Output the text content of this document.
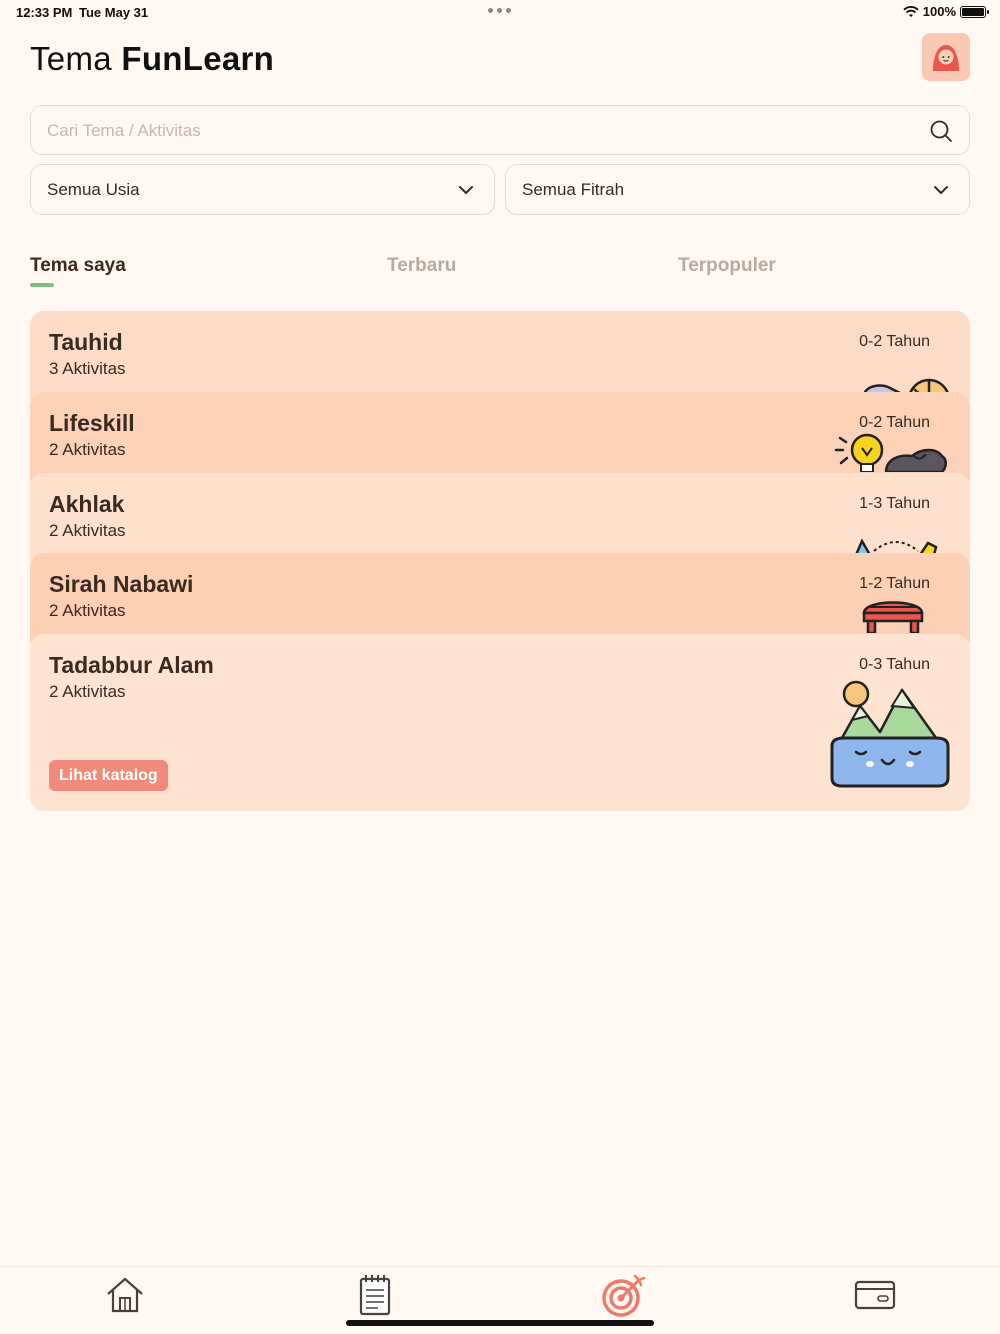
12:33 PM Tue May 31	100%
Tema FunLearn
Cari Tema / Aktivitas
Semua Usia	Semua Fitrah
Tema saya	Terbaru	Terpopuler
Tauhid
3 Aktivitas
0-2 Tahun
Lifeskill
2 Aktivitas
0-2 Tahun
Akhlak
2 Aktivitas
1-3 Tahun
Sirah Nabawi
2 Aktivitas
1-2 Tahun
Tadabbur Alam
2 Aktivitas
0-3 Tahun
Lihat katalog
